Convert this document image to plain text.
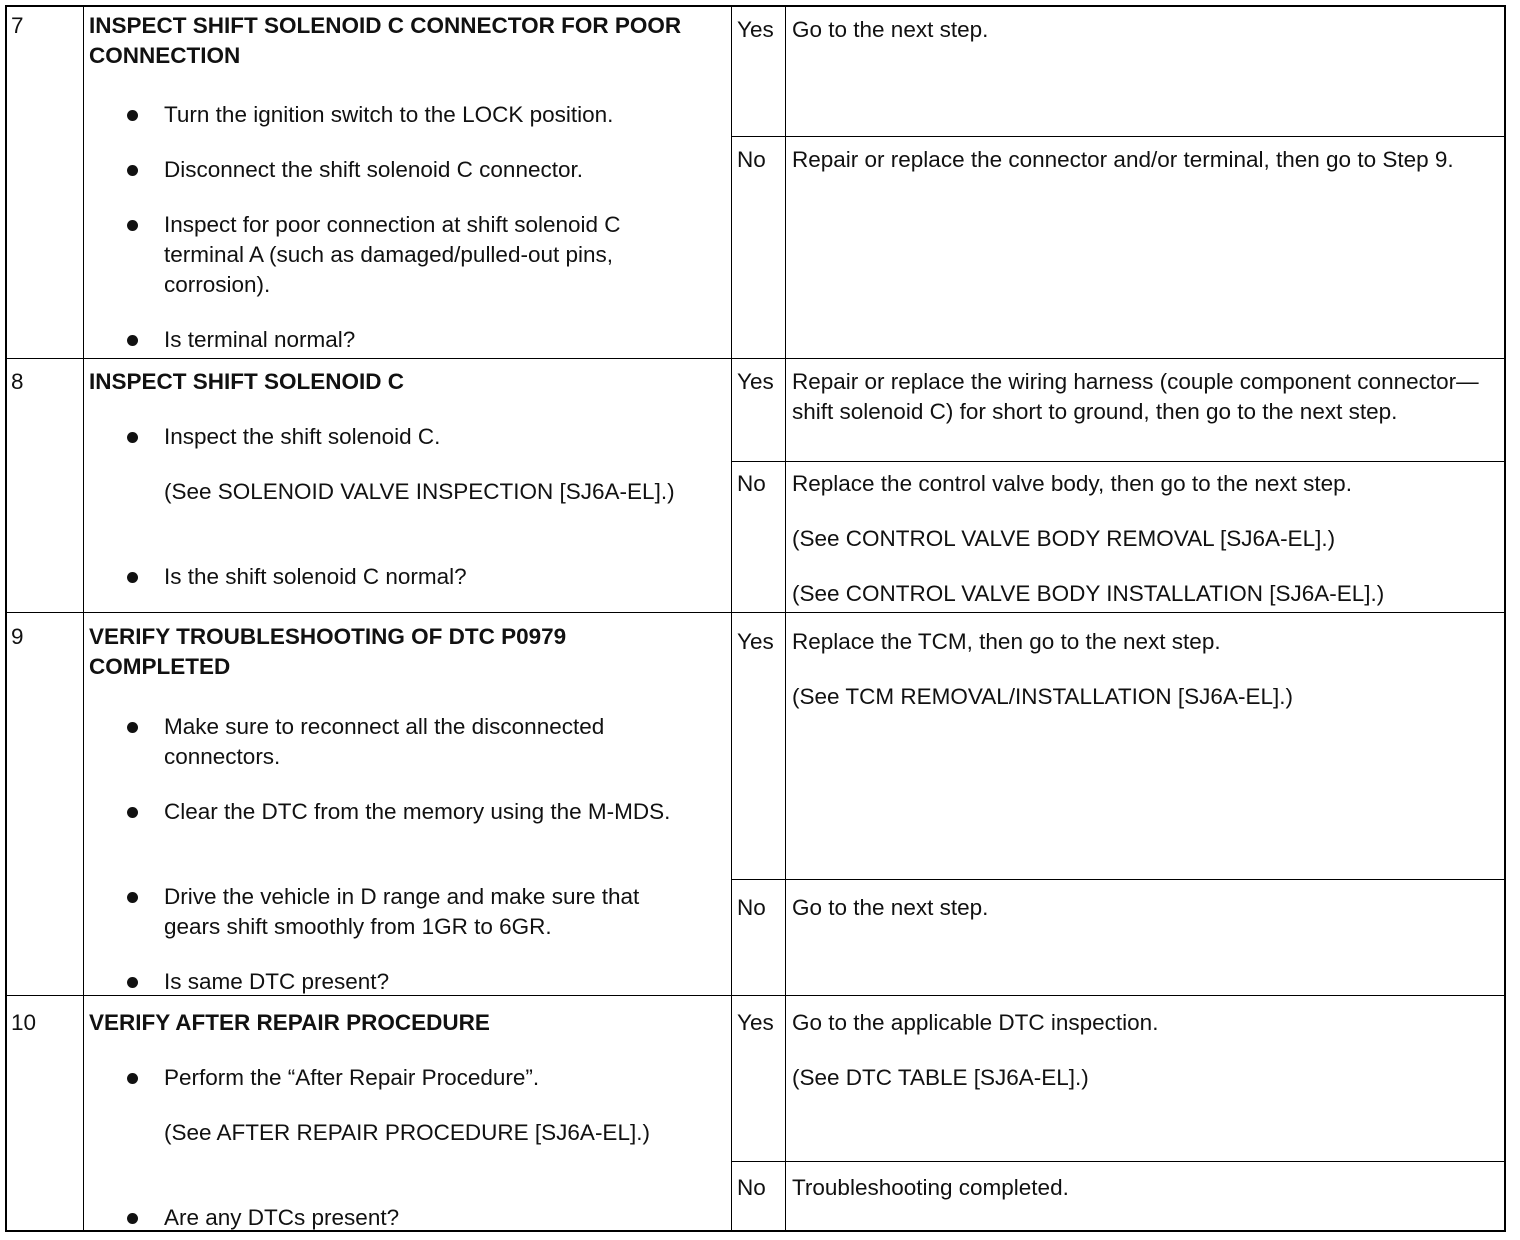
7	INSPECT SHIFT SOLENOID C CONNECTOR FOR POOR CONNECTION
Turn the ignition switch to the LOCK position.
Disconnect the shift solenoid C connector.
Inspect for poor connection at shift solenoid C terminal A (such as damaged/pulled-out pins, corrosion).
Is terminal normal?
Yes Go to the next step.
No	Repair or replace the connector and/or terminal, then go to Step 9.
8	INSPECT SHIFT SOLENOID C
Inspect the shift solenoid C.
(See SOLENOID VALVE INSPECTION [SJ6A-EL].)
Is the shift solenoid C normal?
Yes Repair or replace the wiring harness (couple component connector—shift solenoid C) for short to ground, then go to the next step.
No	Replace the control valve body, then go to the next step.
(See CONTROL VALVE BODY REMOVAL [SJ6A-EL].)
(See CONTROL VALVE BODY INSTALLATION [SJ6A-EL].)
9	VERIFY TROUBLESHOOTING OF DTC P0979 COMPLETED
Make sure to reconnect all the disconnected connectors.
Clear the DTC from the memory using the M-MDS.
Drive the vehicle in D range and make sure that gears shift smoothly from 1GR to 6GR.
Is same DTC present?
Yes Replace the TCM, then go to the next step.
(See TCM REMOVAL/INSTALLATION [SJ6A-EL].)
No	Go to the next step.
10 VERIFY AFTER REPAIR PROCEDURE
Perform the “After Repair Procedure”.
(See AFTER REPAIR PROCEDURE [SJ6A-EL].)
Are any DTCs present?
Yes Go to the applicable DTC inspection.
(See DTC TABLE [SJ6A-EL].)
No	Troubleshooting completed.
